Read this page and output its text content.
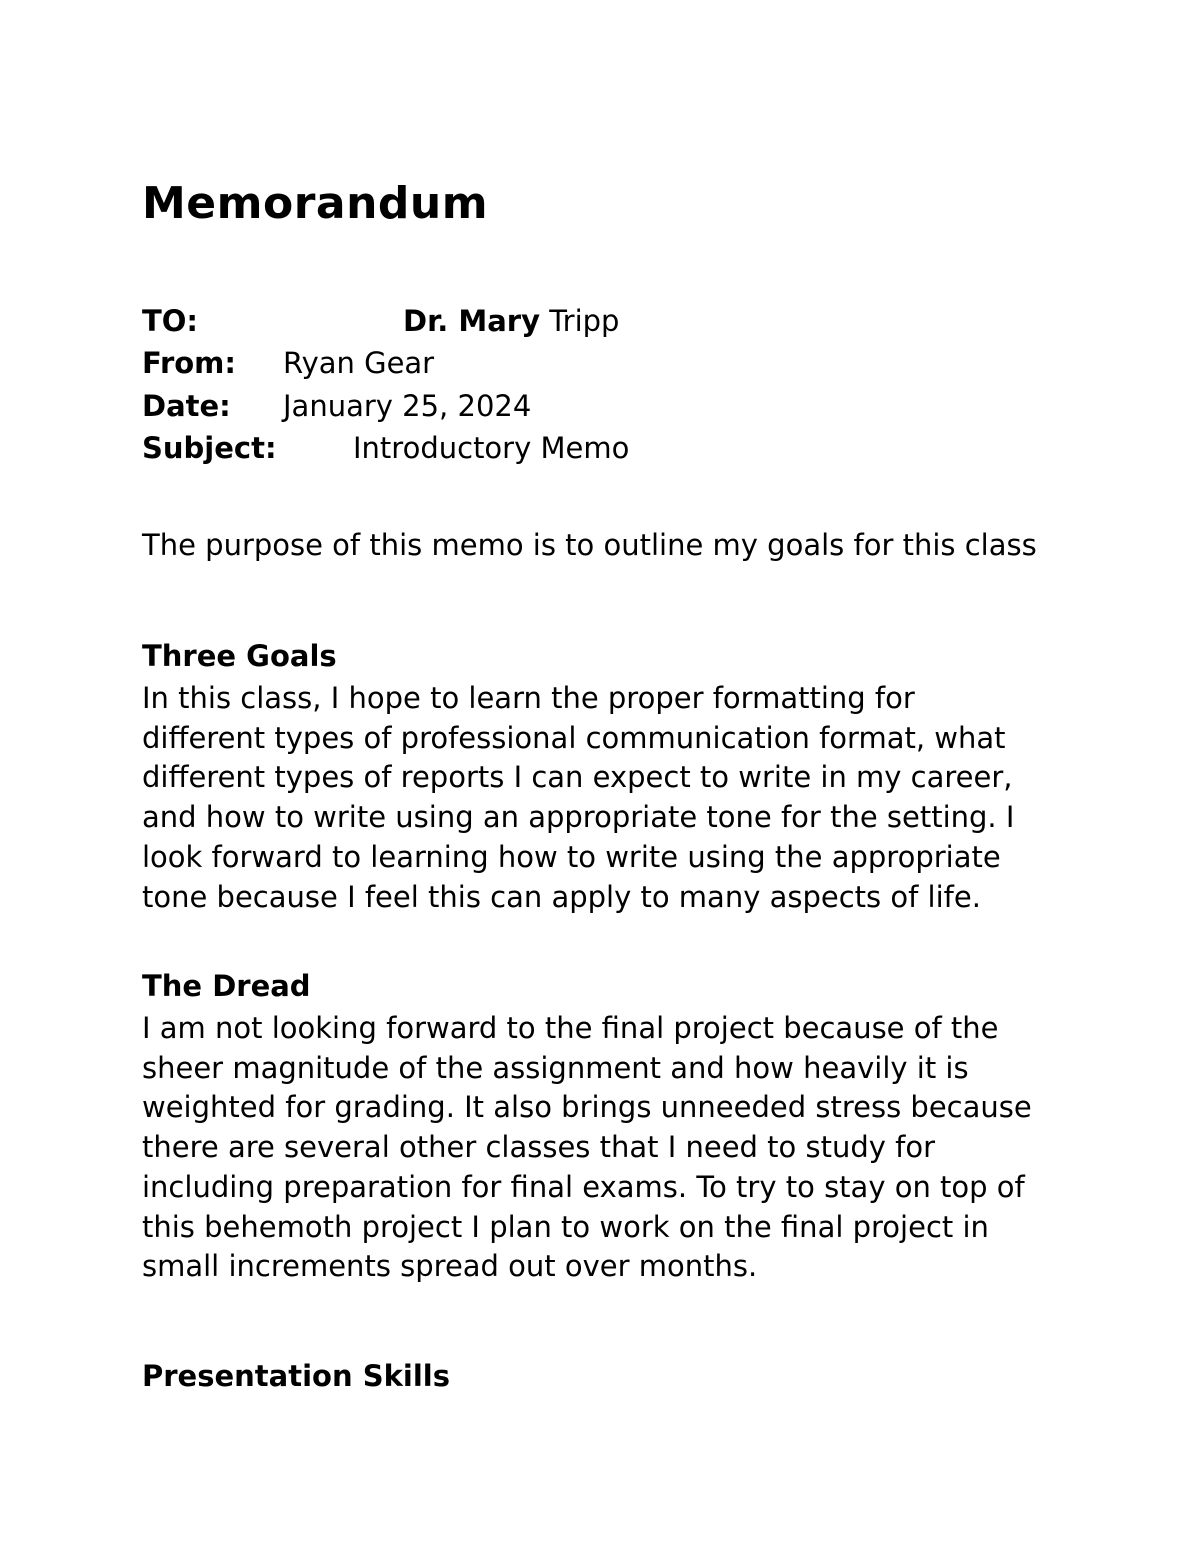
Memorandum
TO:	Dr. Mary Tripp
From: Ryan Gear
Date: January 25, 2024
Subject:	Introductory Memo

The purpose of this memo is to outline my goals for this class

Three Goals

In this class, I hope to learn the proper formatting for
different types of professional communication format, what
different types of reports I can expect to write in my career,
and how to write using an appropriate tone for the setting. I
look forward to learning how to write using the appropriate
tone because I feel this can apply to many aspects of life.

The Dread

I am not looking forward to the final project because of the
sheer magnitude of the assignment and how heavily it is
weighted for grading. It also brings unneeded stress because
there are several other classes that I need to study for
including preparation for final exams. To try to stay on top of
this behemoth project I plan to work on the final project in
small increments spread out over months.

Presentation Skills
